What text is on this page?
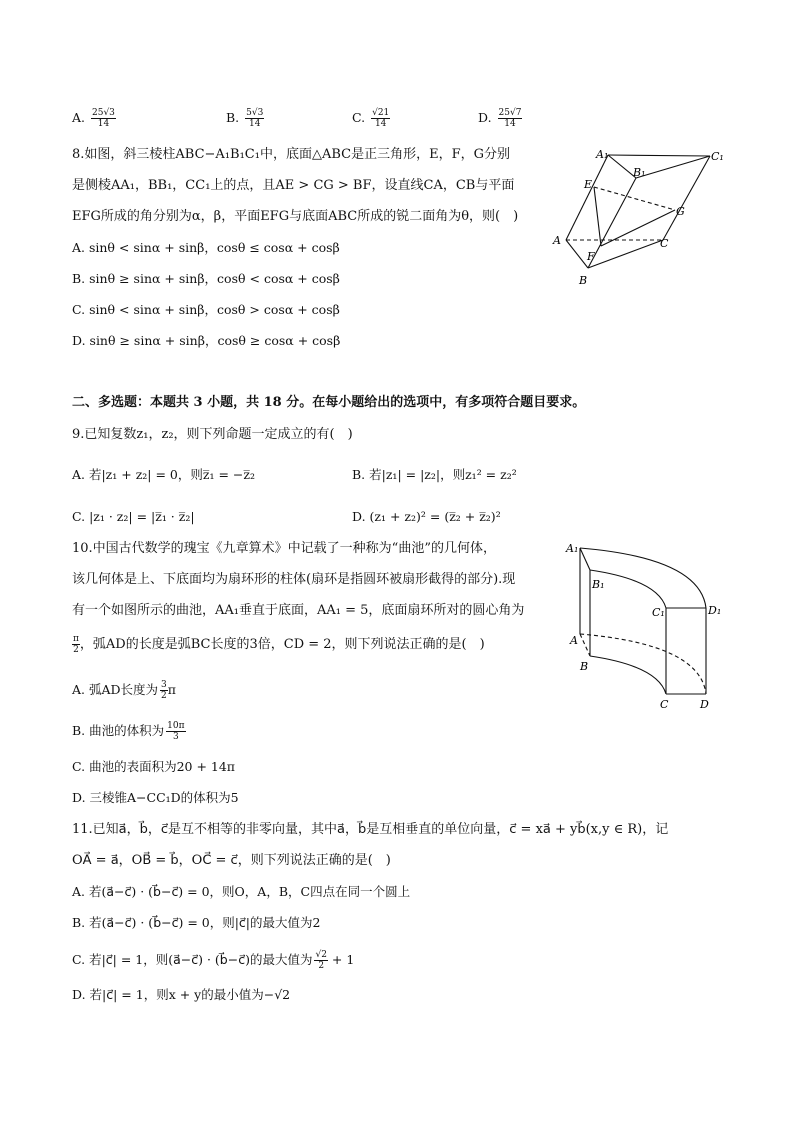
A. $\frac{25√3}{14}$	B. $\frac{5√3}{14}$	C. $\frac{√21}{14}$	D. $\frac{25√7}{14}$
8.如图，斜三棱柱ABC−A₁B₁C₁中，底面△ABC是正三角形，E，F，G分别
是侧棱AA₁，BB₁，CC₁上的点，且AE > CG > BF，设直线CA，CB与平面
EFG所成的角分别为α，β，平面EFG与底面ABC所成的锐二面角为θ，则(　)
A. sinθ < sinα + sinβ，cosθ ≤ cosα + cosβ
B. sinθ ≥ sinα + sinβ，cosθ < cosα + cosβ
C. sinθ < sinα + sinβ，cosθ > cosα + cosβ
D. sinθ ≥ sinα + sinβ，cosθ ≥ cosα + cosβ
A₁	C₁
B₁
E
G
A	C
F
B
二、多选题：本题共 3 小题，共 18 分。在每小题给出的选项中，有多项符合题目要求。
9.已知复数z₁，z₂，则下列命题一定成立的有(　)
A. 若|z₁ + z₂| = 0，则z̅₁ = −z̅₂	B. 若|z₁| = |z₂|，则z₁² = z₂²
C. |z₁ · z₂| = |z̅₁ · z̅₂|	D. (z₁ + z₂)² = (z̅₂ + z̅₂)²
10.中国古代数学的瑰宝《九章算术》中记载了一种称为“曲池”的几何体，
该几何体是上、下底面均为扇环形的柱体(扇环是指圆环被扇形截得的部分).现
有一个如图所示的曲池，AA₁垂直于底面，AA₁ = 5，底面扇环所对的圆心角为
$\frac{\pi}{2}$ ，弧AD的长度是弧BC长度的3倍，CD = 2，则下列说法正确的是(　)
A. 弧AD长度为 $\frac{3}{2}$ π
B. 曲池的体积为 $\frac{10\pi}{3}$
C. 曲池的表面积为20 + 14π
D. 三棱锥A−CC₁D的体积为5
A₁
B₁
C₁	D₁
A
B
C	D
11.已知a⃗，b⃗，c⃗是互不相等的非零向量，其中a⃗，b⃗是互相垂直的单位向量，c⃗ = xa⃗ + yb⃗(x,y ∈ R)，记
OA⃗ = a⃗，OB⃗ = b⃗，OC⃗ = c⃗，则下列说法正确的是(　)
A. 若(a⃗−c⃗) · (b⃗−c⃗) = 0，则O，A，B，C四点在同一个圆上
B. 若(a⃗−c⃗) · (b⃗−c⃗) = 0，则|c⃗|的最大值为2
C. 若|c⃗| = 1，则(a⃗−c⃗) · (b⃗−c⃗)的最大值为 $\frac{√2}{2} + 1$
D. 若|c⃗| = 1，则x + y的最小值为−√2
